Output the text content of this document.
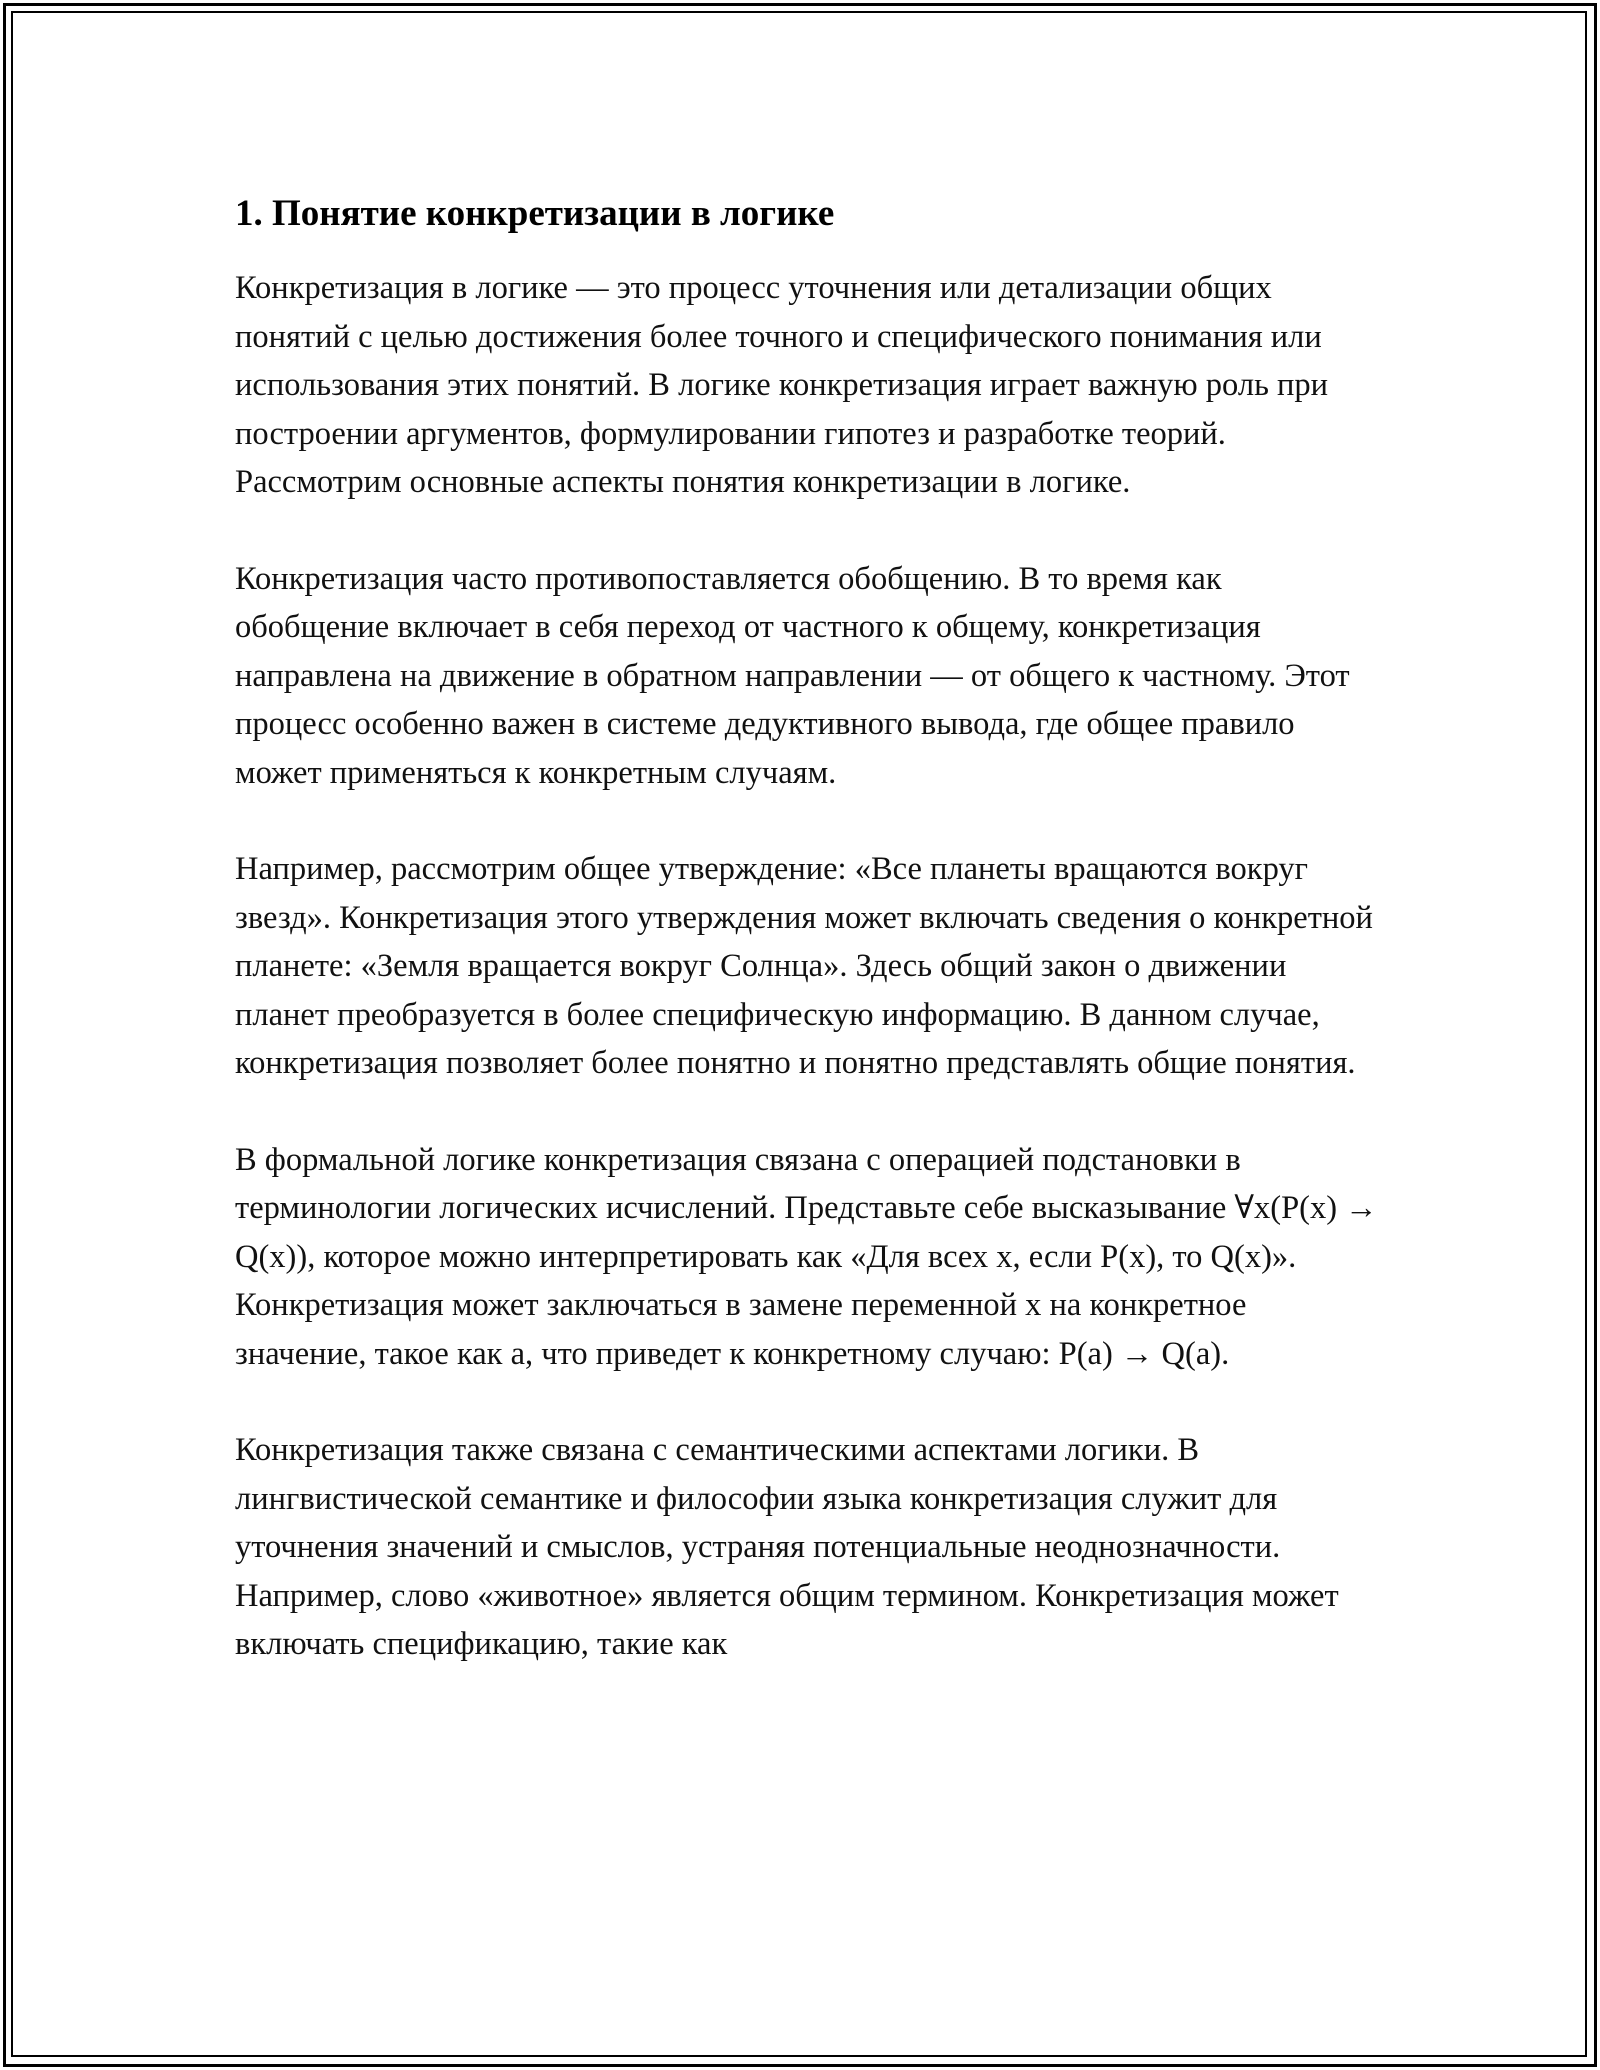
1. Понятие конкретизации в логике

Конкретизация в логике — это процесс уточнения или детализации общих понятий с целью достижения более точного и специфического понимания или использования этих понятий. В логике конкретизация играет важную роль при построении аргументов, формулировании гипотез и разработке теорий. Рассмотрим основные аспекты понятия конкретизации в логике.

Конкретизация часто противопоставляется обобщению. В то время как обобщение включает в себя переход от частного к общему, конкретизация направлена на движение в обратном направлении — от общего к частному. Этот процесс особенно важен в системе дедуктивного вывода, где общее правило может применяться к конкретным случаям.

Например, рассмотрим общее утверждение: «Все планеты вращаются вокруг звезд». Конкретизация этого утверждения может включать сведения о конкретной планете: «Земля вращается вокруг Солнца». Здесь общий закон о движении планет преобразуется в более специфическую информацию. В данном случае, конкретизация позволяет более понятно и понятно представлять общие понятия.

В формальной логике конкретизация связана с операцией подстановки в терминологии логических исчислений. Представьте себе высказывание ∀x(P(x) → Q(x)), которое можно интерпретировать как «Для всех x, если P(x), то Q(x)». Конкретизация может заключаться в замене переменной x на конкретное значение, такое как a, что приведет к конкретному случаю: P(a) → Q(a).

Конкретизация также связана с семантическими аспектами логики. В лингвистической семантике и философии языка конкретизация служит для уточнения значений и смыслов, устраняя потенциальные неоднозначности. Например, слово «животное» является общим термином. Конкретизация может включать спецификацию, такие как
